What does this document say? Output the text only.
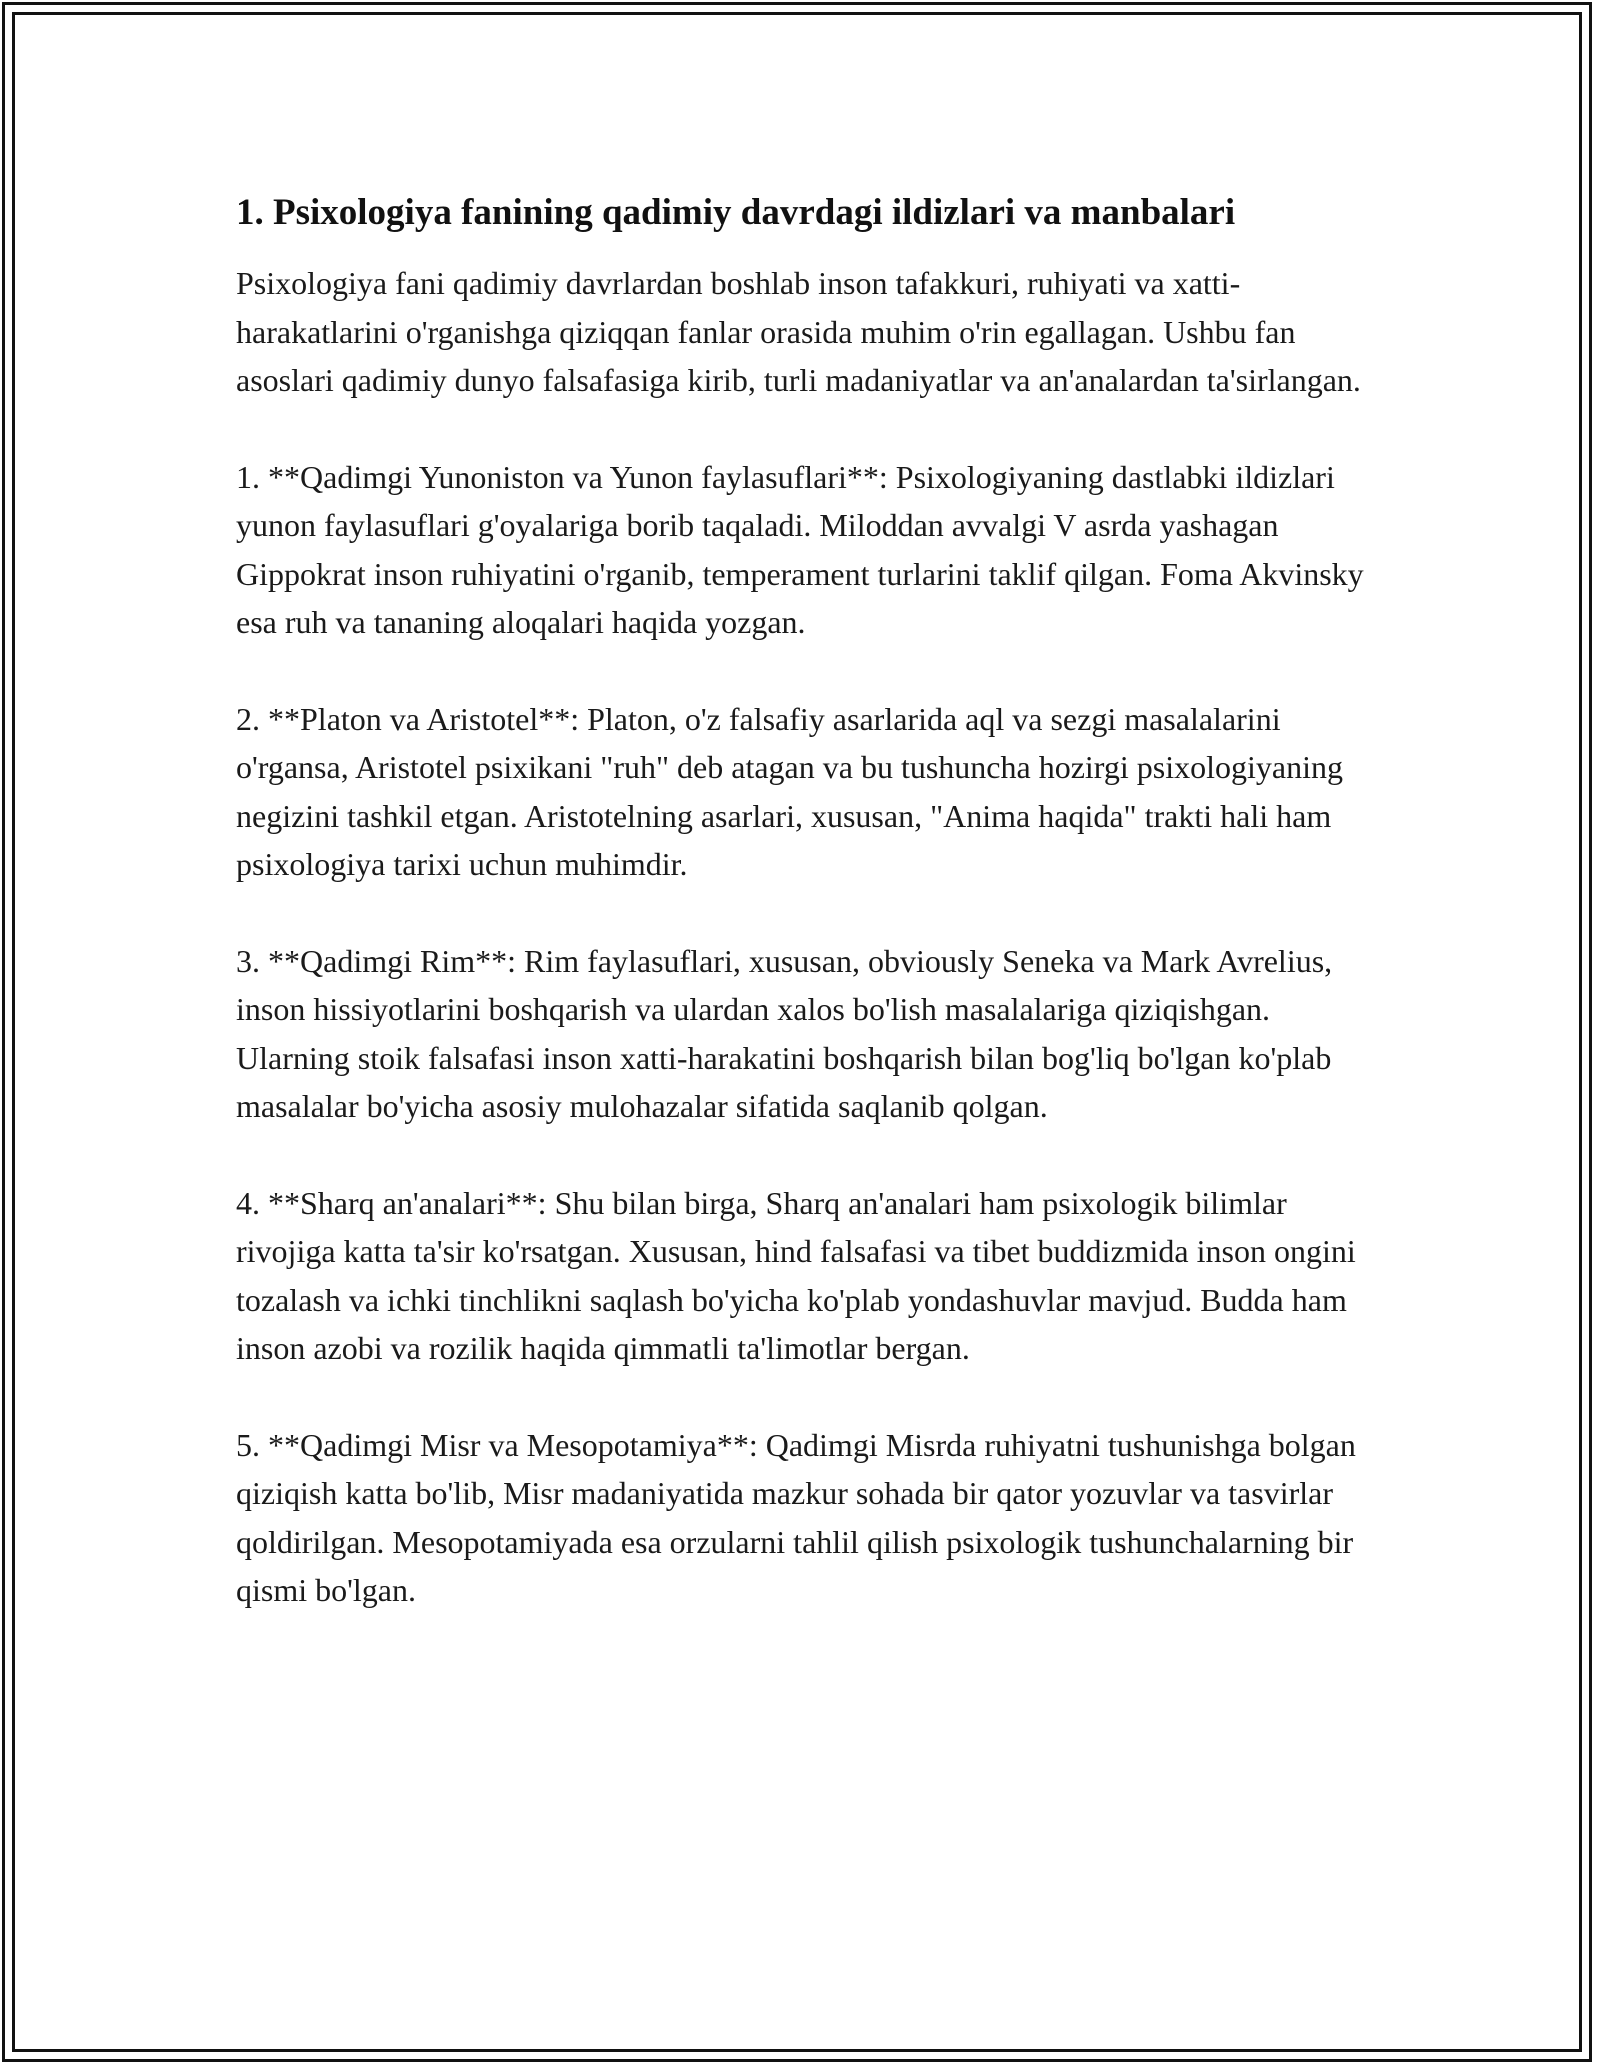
1. Psixologiya fanining qadimiy davrdagi ildizlari va manbalari

Psixologiya fani qadimiy davrlardan boshlab inson tafakkuri, ruhiyati va xatti-harakatlarini o'rganishga qiziqqan fanlar orasida muhim o'rin egallagan. Ushbu fan asoslari qadimiy dunyo falsafasiga kirib, turli madaniyatlar va an'analardan ta'sirlangan.

1. **Qadimgi Yunoniston va Yunon faylasuflari**: Psixologiyaning dastlabki ildizlari yunon faylasuflari g'oyalariga borib taqaladi. Miloddan avvalgi V asrda yashagan Gippokrat inson ruhiyatini o'rganib, temperament turlarini taklif qilgan. Foma Akvinsky esa ruh va tananing aloqalari haqida yozgan.

2. **Platon va Aristotel**: Platon, o'z falsafiy asarlarida aql va sezgi masalalarini o'rgansa, Aristotel psixikani "ruh" deb atagan va bu tushuncha hozirgi psixologiyaning negizini tashkil etgan. Aristotelning asarlari, xususan, "Anima haqida" trakti hali ham psixologiya tarixi uchun muhimdir.

3. **Qadimgi Rim**: Rim faylasuflari, xususan, obviously Seneka va Mark Avrelius, inson hissiyotlarini boshqarish va ulardan xalos bo'lish masalalariga qiziqishgan. Ularning stoik falsafasi inson xatti-harakatini boshqarish bilan bog'liq bo'lgan ko'plab masalalar bo'yicha asosiy mulohazalar sifatida saqlanib qolgan.

4. **Sharq an'analari**: Shu bilan birga, Sharq an'analari ham psixologik bilimlar rivojiga katta ta'sir ko'rsatgan. Xususan, hind falsafasi va tibet buddizmida inson ongini tozalash va ichki tinchlikni saqlash bo'yicha ko'plab yondashuvlar mavjud. Budda ham inson azobi va rozilik haqida qimmatli ta'limotlar bergan.

5. **Qadimgi Misr va Mesopotamiya**: Qadimgi Misrda ruhiyatni tushunishga bolgan qiziqish katta bo'lib, Misr madaniyatida mazkur sohada bir qator yozuvlar va tasvirlar qoldirilgan. Mesopotamiyada esa orzularni tahlil qilish psixologik tushunchalarning bir qismi bo'lgan.
